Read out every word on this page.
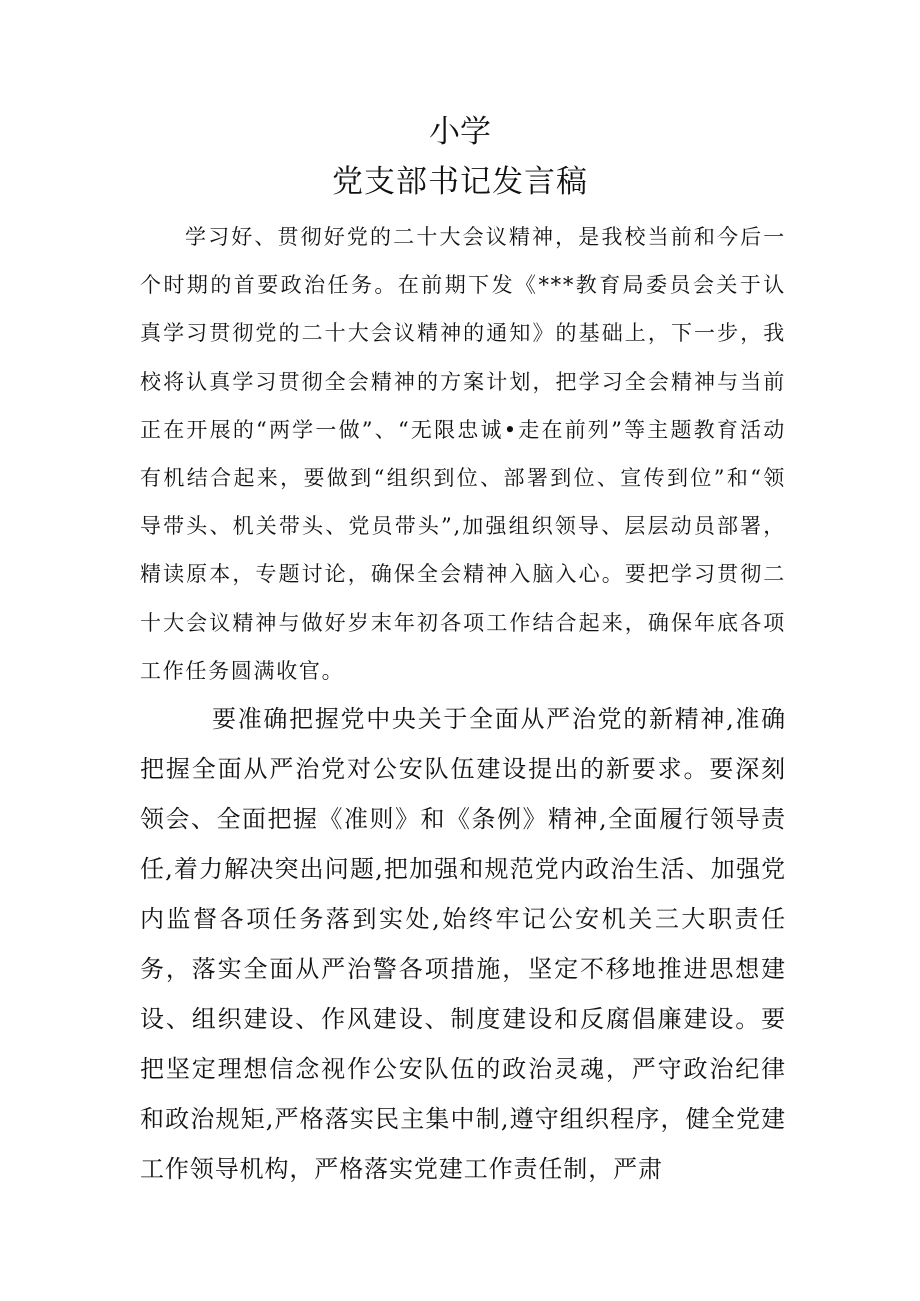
小学
党支部书记发言稿

学习好、贯彻好党的二十大会议精神，是我校当前和今后一个时期的首要政治任务。在前期下发《***教育局委员会关于认真学习贯彻党的二十大会议精神的通知》的基础上，下一步，我校将认真学习贯彻全会精神的方案计划，把学习全会精神与当前正在开展的“两学一做”、“无限忠诚•走在前列”等主题教育活动有机结合起来，要做到“组织到位、部署到位、宣传到位”和“领导带头、机关带头、党员带头”,加强组织领导、层层动员部署，精读原本，专题讨论，确保全会精神入脑入心。要把学习贯彻二十大会议精神与做好岁末年初各项工作结合起来，确保年底各项工作任务圆满收官。

要准确把握党中央关于全面从严治党的新精神,准确把握全面从严治党对公安队伍建设提出的新要求。要深刻领会、全面把握《准则》和《条例》精神,全面履行领导责任,着力解决突出问题,把加强和规范党内政治生活、加强党内监督各项任务落到实处,始终牢记公安机关三大职责任务，落实全面从严治警各项措施，坚定不移地推进思想建设、组织建设、作风建设、制度建设和反腐倡廉建设。要把坚定理想信念视作公安队伍的政治灵魂，严守政治纪律和政治规矩,严格落实民主集中制,遵守组织程序，健全党建工作领导机构，严格落实党建工作责任制，严肃
